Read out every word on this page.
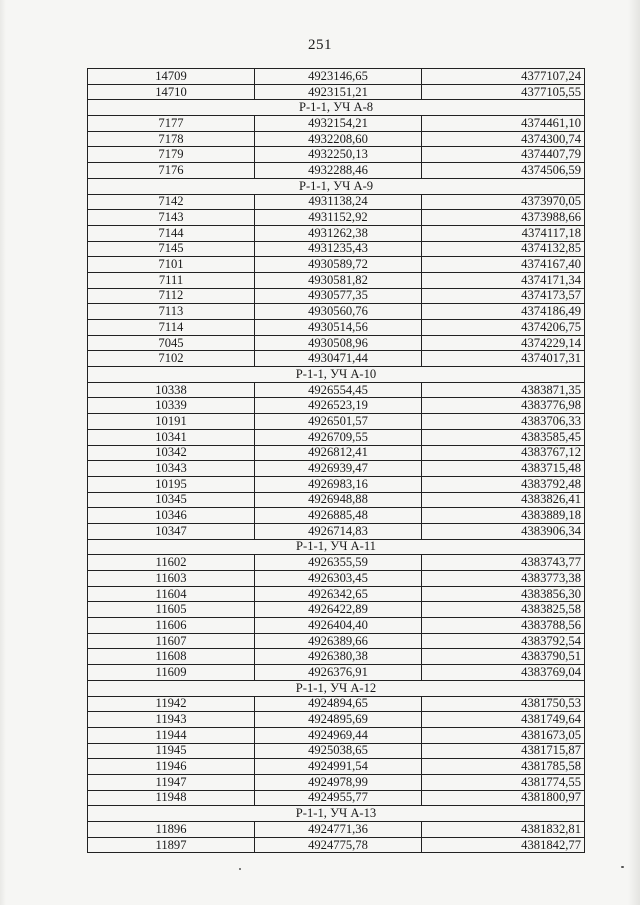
251
14709	4923146,65	4377107,24
14710	4923151,21	4377105,55
Р-1-1, УЧ А-8		
7177	4932154,21	4374461,10
7178	4932208,60	4374300,74
7179	4932250,13	4374407,79
7176	4932288,46	4374506,59
Р-1-1, УЧ А-9		
7142	4931138,24	4373970,05
7143	4931152,92	4373988,66
7144	4931262,38	4374117,18
7145	4931235,43	4374132,85
7101	4930589,72	4374167,40
7111	4930581,82	4374171,34
7112	4930577,35	4374173,57
7113	4930560,76	4374186,49
7114	4930514,56	4374206,75
7045	4930508,96	4374229,14
7102	4930471,44	4374017,31
Р-1-1, УЧ А-10		
10338	4926554,45	4383871,35
10339	4926523,19	4383776,98
10191	4926501,57	4383706,33
10341	4926709,55	4383585,45
10342	4926812,41	4383767,12
10343	4926939,47	4383715,48
10195	4926983,16	4383792,48
10345	4926948,88	4383826,41
10346	4926885,48	4383889,18
10347	4926714,83	4383906,34
Р-1-1, УЧ А-11		
11602	4926355,59	4383743,77
11603	4926303,45	4383773,38
11604	4926342,65	4383856,30
11605	4926422,89	4383825,58
11606	4926404,40	4383788,56
11607	4926389,66	4383792,54
11608	4926380,38	4383790,51
11609	4926376,91	4383769,04
Р-1-1, УЧ А-12		
11942	4924894,65	4381750,53
11943	4924895,69	4381749,64
11944	4924969,44	4381673,05
11945	4925038,65	4381715,87
11946	4924991,54	4381785,58
11947	4924978,99	4381774,55
11948	4924955,77	4381800,97
Р-1-1, УЧ А-13		
11896	4924771,36	4381832,81
11897	4924775,78	4381842,77
